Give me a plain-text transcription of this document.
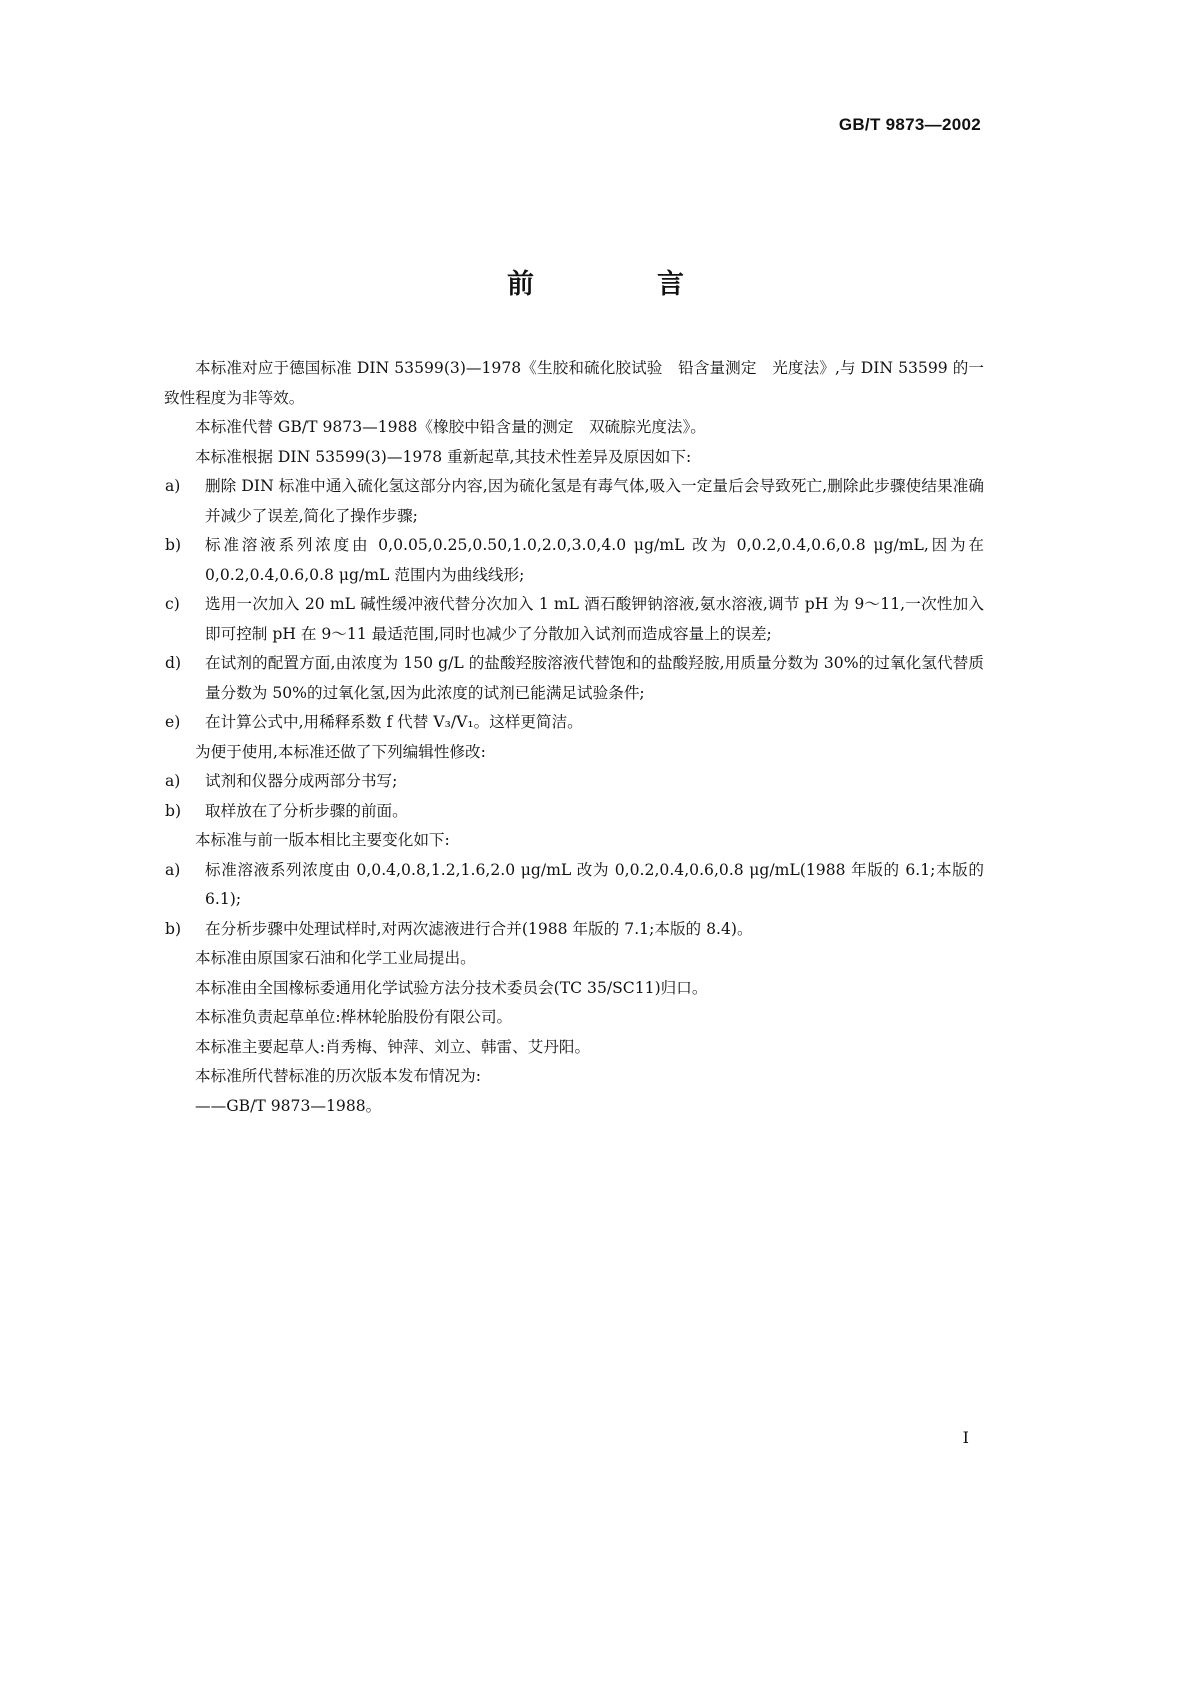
GB/T 9873—2002
前　言

本标准对应于德国标准 DIN 53599(3)—1978《生胶和硫化胶试验　铅含量测定　光度法》,与 DIN 53599 的一致性程度为非等效。

本标准代替 GB/T 9873—1988《橡胶中铅含量的测定　双硫腙光度法》。

本标准根据 DIN 53599(3)—1978 重新起草,其技术性差异及原因如下:

a)	删除 DIN 标准中通入硫化氢这部分内容,因为硫化氢是有毒气体,吸入一定量后会导致死亡,删除此步骤使结果准确并减少了误差,简化了操作步骤;
b)	标准溶液系列浓度由 0,0.05,0.25,0.50,1.0,2.0,3.0,4.0 μg/mL 改为 0,0.2,0.4,0.6,0.8 μg/mL,因为在 0,0.2,0.4,0.6,0.8 μg/mL 范围内为曲线线形;
c)	选用一次加入 20 mL 碱性缓冲液代替分次加入 1 mL 酒石酸钾钠溶液,氨水溶液,调节 pH 为 9～11,一次性加入即可控制 pH 在 9～11 最适范围,同时也减少了分散加入试剂而造成容量上的误差;
d)	在试剂的配置方面,由浓度为 150 g/L 的盐酸羟胺溶液代替饱和的盐酸羟胺,用质量分数为 30%的过氧化氢代替质量分数为 50%的过氧化氢,因为此浓度的试剂已能满足试验条件;
e)	在计算公式中,用稀释系数 f 代替 V₃/V₁。这样更简洁。

为便于使用,本标准还做了下列编辑性修改:

a)	试剂和仪器分成两部分书写;
b)	取样放在了分析步骤的前面。

本标准与前一版本相比主要变化如下:

a)	标准溶液系列浓度由 0,0.4,0.8,1.2,1.6,2.0 μg/mL 改为 0,0.2,0.4,0.6,0.8 μg/mL(1988 年版的 6.1;本版的 6.1);
b)	在分析步骤中处理试样时,对两次滤液进行合并(1988 年版的 7.1;本版的 8.4)。

本标准由原国家石油和化学工业局提出。

本标准由全国橡标委通用化学试验方法分技术委员会(TC 35/SC11)归口。

本标准负责起草单位:桦林轮胎股份有限公司。

本标准主要起草人:肖秀梅、钟萍、刘立、韩雷、艾丹阳。

本标准所代替标准的历次版本发布情况为:

——GB/T 9873—1988。

I
